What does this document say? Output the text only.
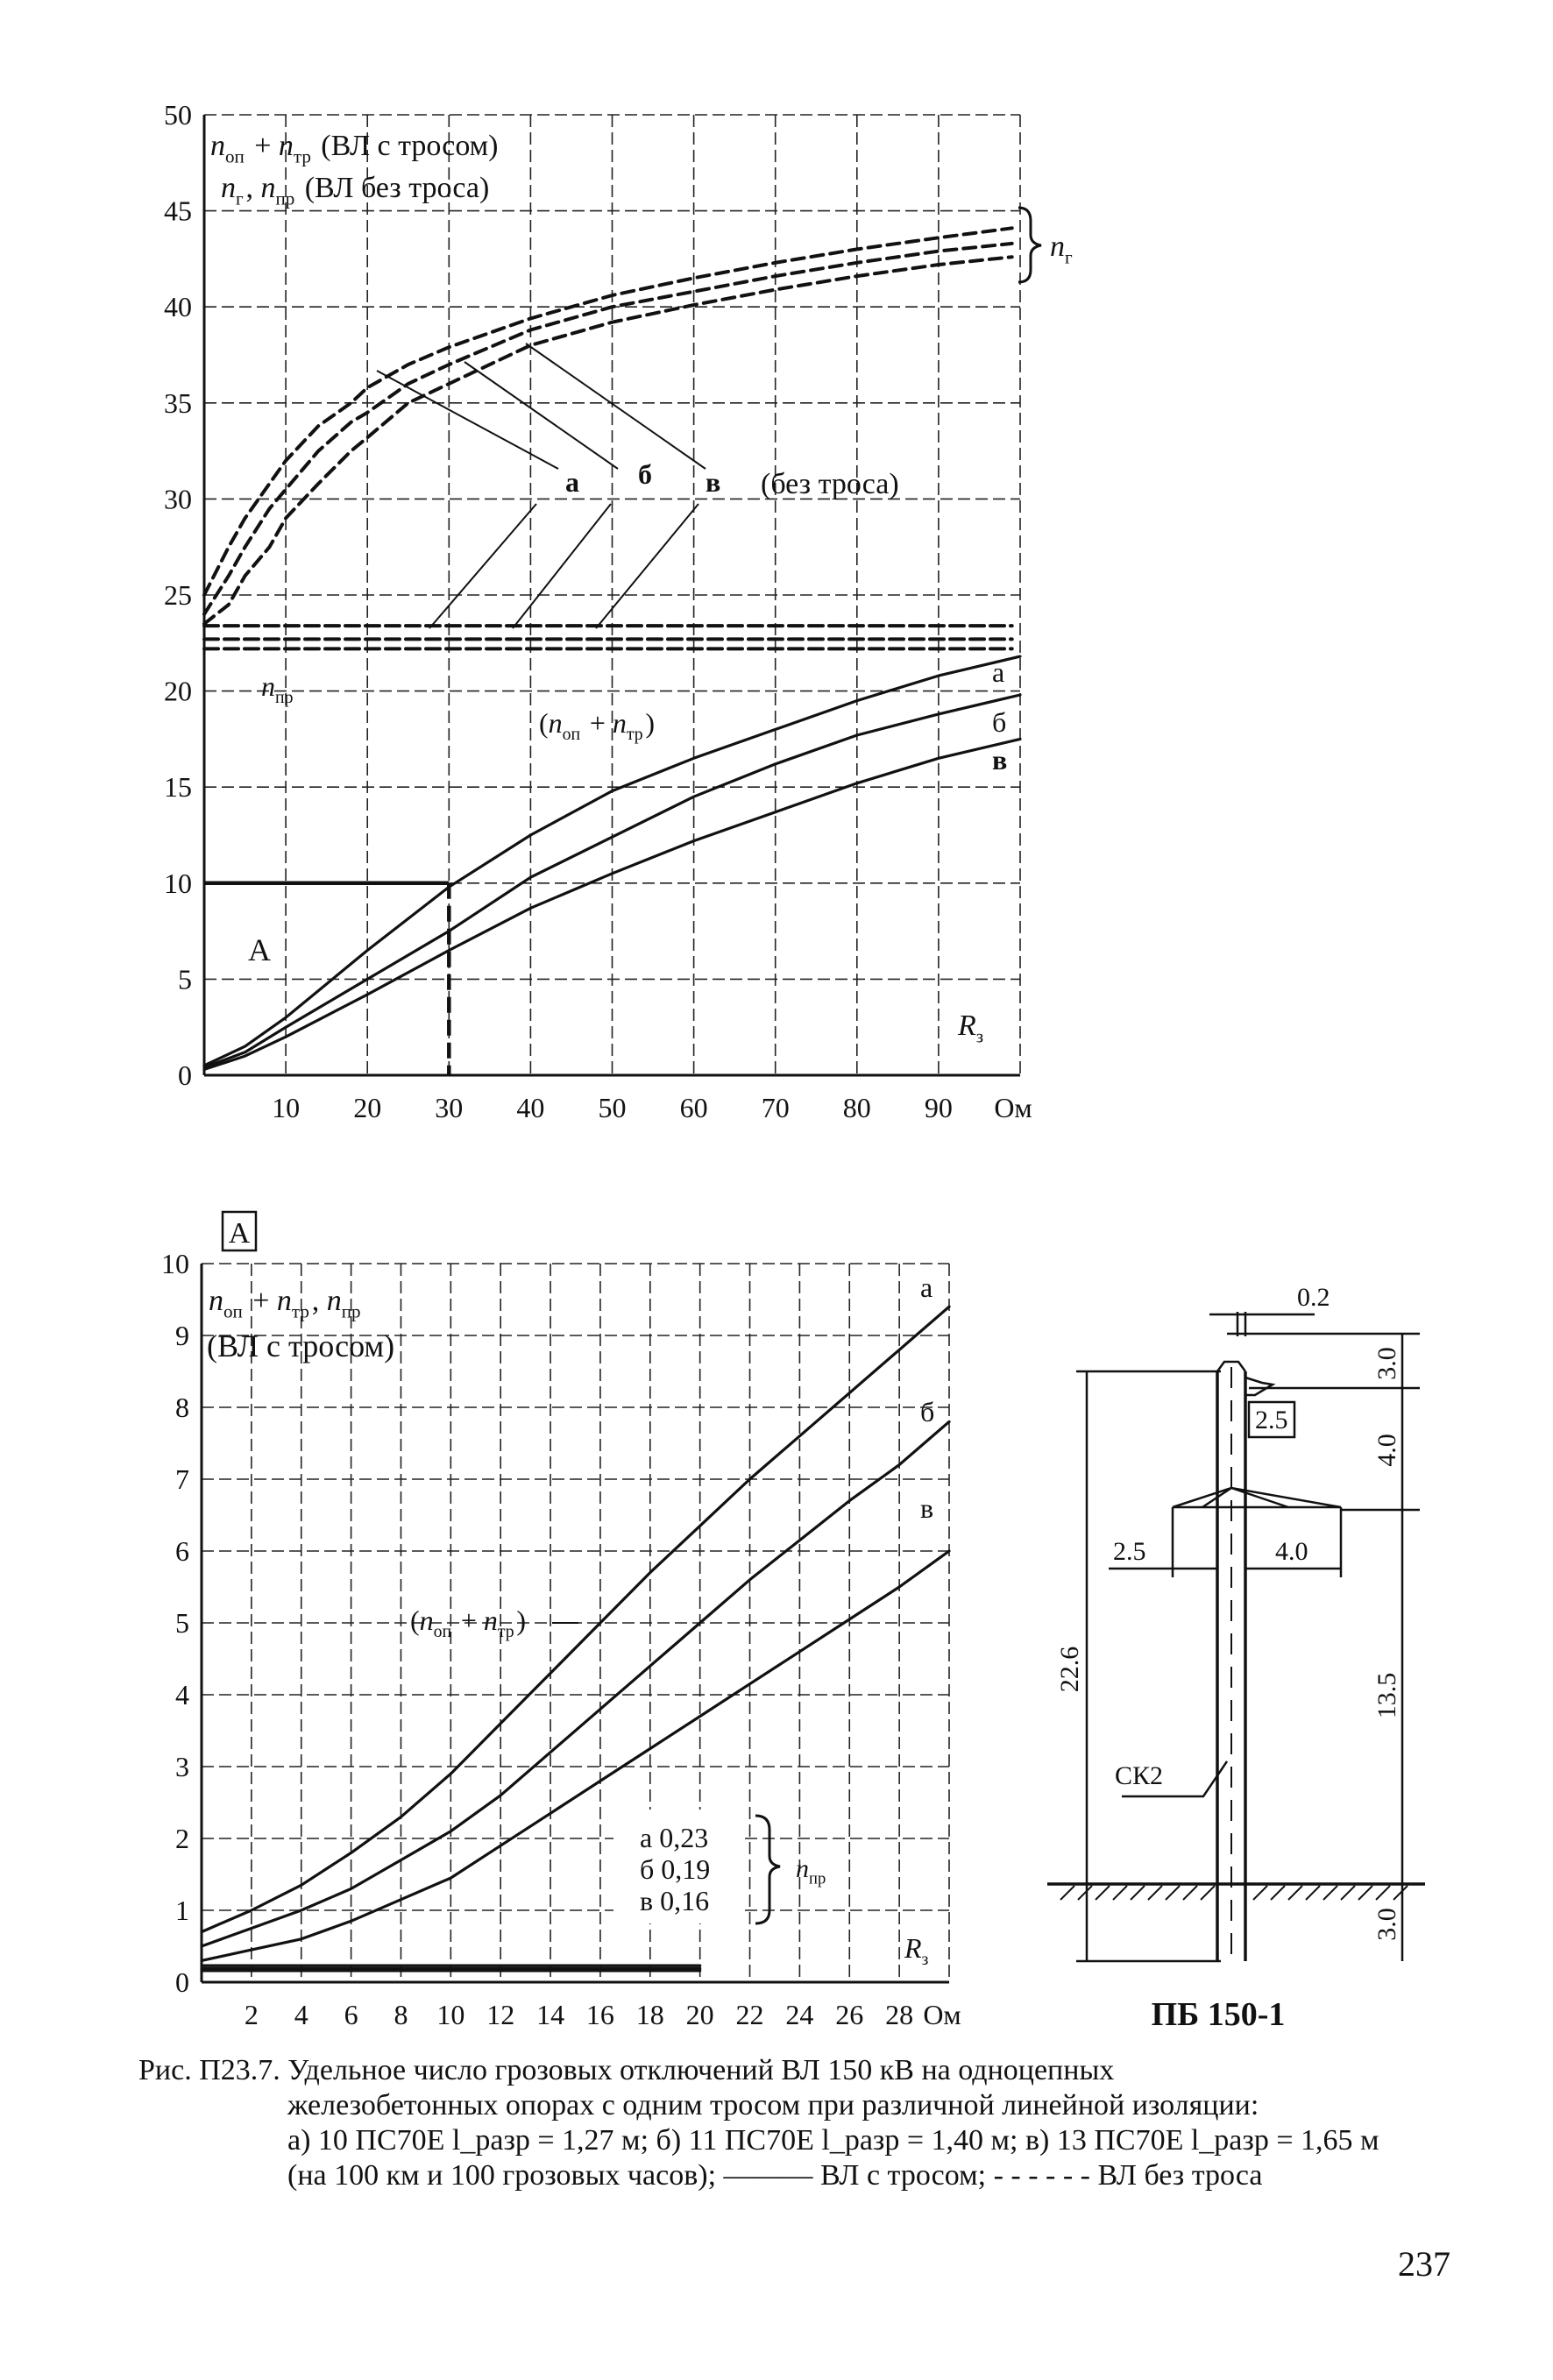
0
5
10
15
20
25
30
35
40
45
50
10 20 30 40 50 60 70 80 90 Ом
$n_{оп}$  + $n_{тр}$  (ВЛ с тросом)
$n_г$ , $n_{пр}$  (ВЛ без троса)
$n_г$ 
а б в (без троса)
$n_{пр}$ 
($n_{оп}$  + $n_{тр}$ )
а
б
в
A
$R_з$ 
0
1
2
3
4
5
6
7
8
9
10
2 4 6 8 10 12 14 16 18 20 22 24 26 28 Ом
A
$n_{оп}$  + $n_{тр}$ , $n_{пр}$ 
(ВЛ с тросом)
а
б
в
($n_{оп}$  + $n_{тр}$ )
а 0,23
б 0,19
в 0,16
$n_{пр}$ 
$R_з$ 
0.2
3.0
4.0
22.6
13.5
3.0
2.5
2.5	4.0
СК2
ПБ 150-1
Рис. П23.7. Удельное число грозовых отключений ВЛ 150 кВ на одноцепных
железобетонных опорах с одним тросом при различной линейной изоляции:
а) 10 ПС70Е l_разр = 1,27 м; б) 11 ПС70Е l_разр = 1,40 м; в) 13 ПС70Е l_разр = 1,65 м
(на 100 км и 100 грозовых часов); ——— ВЛ с тросом; - - - - - - ВЛ без троса
237
